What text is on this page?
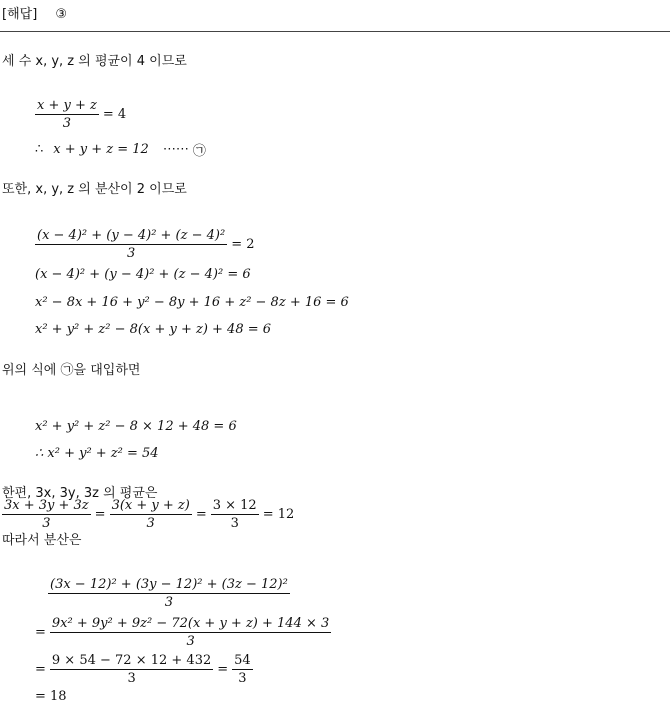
[해답] ③
세 수 x, y, z 의 평균이 4 이므로
$\frac{x + y + z}{3} = 4$
∴ x + y + z = 12 ⋯⋯ ㉠
또한, x, y, z 의 분산이 2 이므로
$\frac{\text{(x − 4)² + (y − 4)² + (z − 4)²}}{3} = 2$
(x − 4)² + (y − 4)² + (z − 4)² = 6
x² − 8x + 16 + y² − 8y + 16 + z² − 8z + 16 = 6
x² + y² + z² − 8(x + y + z) + 48 = 6
위의 식에 ㉠을 대입하면
x² + y² + z² − 8 × 12 + 48 = 6
∴ x² + y² + z² = 54
한편, 3x, 3y, 3z 의 평균은
$\frac{3x + 3y + 3z}{3} = \frac{3(x + y + z)}{3} = \frac{3 \times 12}{3} = 12$
따라서 분산은
$\frac{\text{(3x − 12)² + (3y − 12)² + (3z − 12)²}}{3}$
= $\frac{\text{9x² + 9y² + 9z² − 72(x + y + z) + 144 × 3}}{3}$
= $\frac{9 \times 54 - 72 \times 12 + 432}{3} = \frac{54}{3}$
= 18
